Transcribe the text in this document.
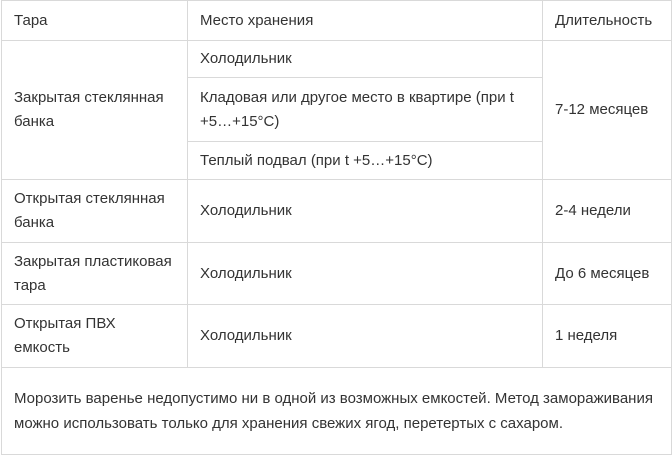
Тара	Место хранения	Длительность
Закрытая стеклянная банка	Холодильник	7-12 месяцев
	Кладовая или другое место в квартире (при t +5…+15°C)	
	Теплый подвал (при t +5…+15°C)	
Открытая стеклянная банка	Холодильник	2-4 недели
Закрытая пластиковая тара	Холодильник	До 6 месяцев
Открытая ПВХ емкость	Холодильник	1 неделя
Морозить варенье недопустимо ни в одной из возможных емкостей. Метод замораживания можно использовать только для хранения свежих ягод, перетертых с сахаром.		
